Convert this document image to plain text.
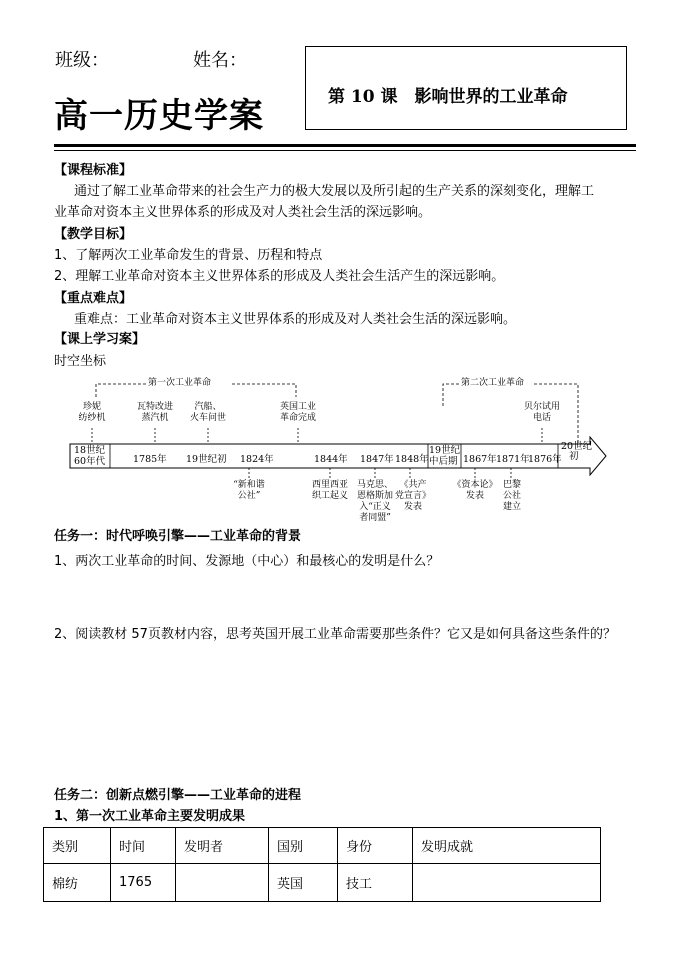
班级：	姓名：
高一历史学案	第 10 课　影响世界的工业革命
【课程标准】
通过了解工业革命带来的社会生产力的极大发展以及所引起的生产关系的深刻变化，理解工
业革命对资本主义世界体系的形成及对人类社会生活的深远影响。
【教学目标】
1、了解两次工业革命发生的背景、历程和特点
2、理解工业革命对资本主义世界体系的形成及人类社会生活产生的深远影响。
【重点难点】
重难点：工业革命对资本主义世界体系的形成及对人类社会生活的深远影响。
【课上学习案】
时空坐标
第一次工业革命	第二次工业革命
珍妮
纺纱机
瓦特改进
蒸汽机
汽船、
火车问世
英国工业
革命完成
贝尔试用
电话
18世纪
60年代	1785年 19世纪初 1824年	1844年 1847年 1848年
19世纪
中后期 1867年 1871年
1876年
20世纪
初
“新和谐
公社”
西里西亚
织工起义
马克思、
恩格斯加
入“正义
者同盟”
《共产
党宣言》
发表
《资本论》
发表
巴黎
公社
建立
任务一：时代呼唤引擎——工业革命的背景
1、两次工业革命的时间、发源地（中心）和最核心的发明是什么？
2、阅读教材 57页教材内容，思考英国开展工业革命需要那些条件？它又是如何具备这些条件的？
任务二：创新点燃引擎——工业革命的进程
1、第一次工业革命主要发明成果
类别	时间	发明者	国别	身份	发明成就
棉纺	1765		英国	技工	
